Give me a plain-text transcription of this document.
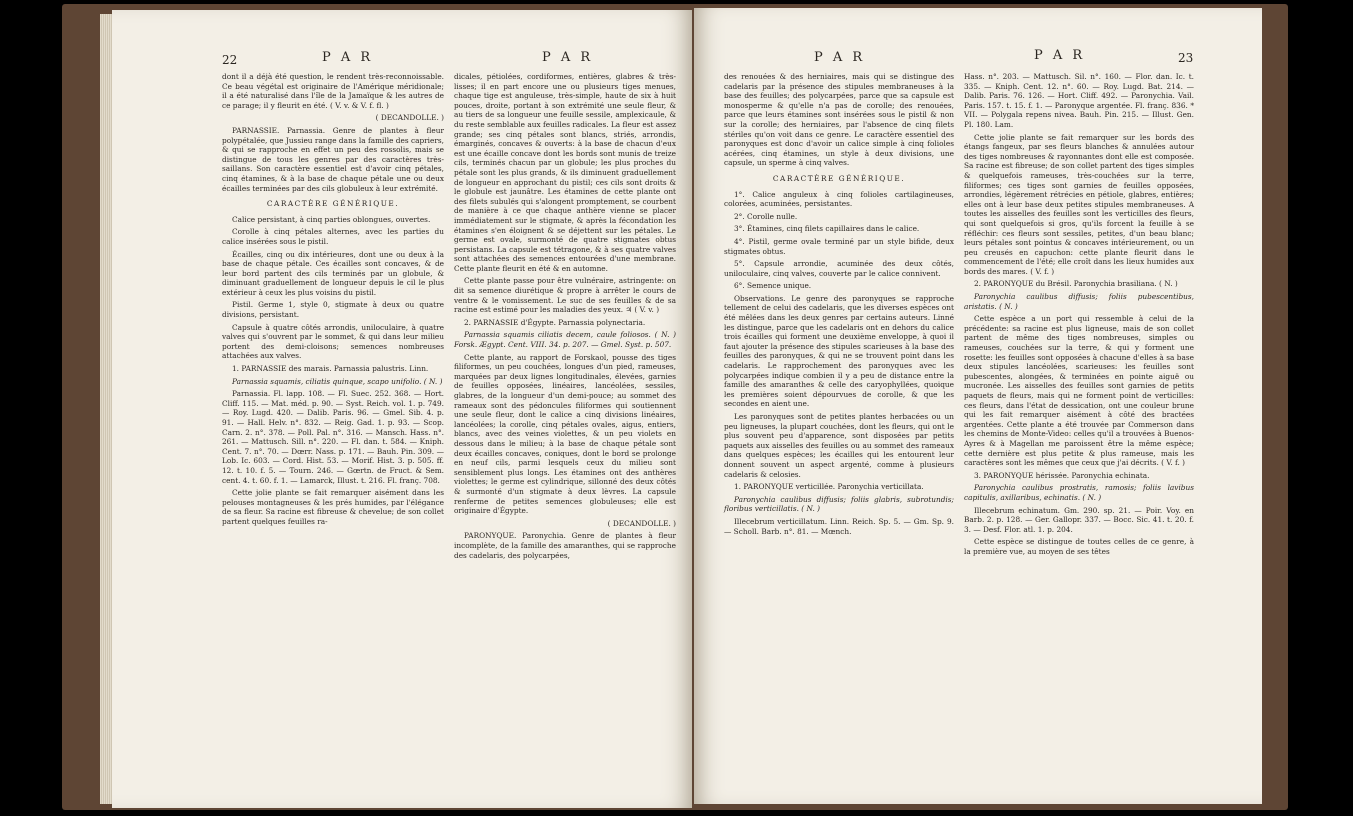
22	P A R	P A R

dont il a déjà été question, le rendent très-reconnoissable. Ce beau végétal est originaire de l'Amérique méridionale; il a été naturalisé dans l'île de la Jamaïque & les autres de ce parage; il y fleurit en été. ( V. v. & V. f. fl. )

( DECANDOLLE. )

PARNASSIE. Parnassia. Genre de plantes à fleur polypétalée, que Jussieu range dans la famille des capriers, & qui se rapproche en effet un peu des rossolis, mais se distingue de tous les genres par des caractères très-saillans. Son caractère essentiel est d'avoir cinq pétales, cinq étamines, & à la base de chaque pétale une ou deux écailles terminées par des cils globuleux à leur extrémité.

CARACTÈRE GÉNÉRIQUE.

Calice persistant, à cinq parties oblongues, ouvertes.

Corolle à cinq pétales alternes, avec les parties du calice insérées sous le pistil.

Écailles, cinq ou dix intérieures, dont une ou deux à la base de chaque pétale. Ces écailles sont concaves, & de leur bord partent des cils terminés par un globule, & diminuant graduellement de longueur depuis le cil le plus extérieur à ceux les plus voisins du pistil.

Pistil. Germe 1, style 0, stigmate à deux ou quatre divisions, persistant.

Capsule à quatre côtés arrondis, uniloculaire, à quatre valves qui s'ouvrent par le sommet, & qui dans leur milieu portent des demi-cloisons; semences nombreuses attachées aux valves.

1. PARNASSIE des marais. Parnassia palustris. Linn.

Parnassia squamis, ciliatis quinque, scapo unifolio. ( N. )

Parnassia. Fl. lapp. 108. — Fl. Suec. 252. 368. — Hort. Cliff. 115. — Mat. méd. p. 90. — Syst. Reich. vol. 1. p. 749. — Roy. Lugd. 420. — Dalib. Paris. 96. — Gmel. Sib. 4. p. 91. — Hall. Helv. n°. 832. — Reig. Gad. 1. p. 93. — Scop. Carn. 2. n°. 378. — Poll. Pal. n°. 316. — Mansch. Hass. n°. 261. — Mattusch. Sill. n°. 220. — Fl. dan. t. 584. — Kniph. Cent. 7. n°. 70. — Dœrr. Nass. p. 171. — Bauh. Pin. 309. — Lob. Ic. 603. — Cord. Hist. 53. — Morif. Hist. 3. p. 505. ff. 12. t. 10. f. 5. — Tourn. 246. — Gœrtn. de Fruct. & Sem. cent. 4. t. 60. f. 1. — Lamarck, Illust. t. 216. Fl. franç. 708.

Cette jolie plante se fait remarquer aisément dans les pelouses montagneuses & les prés humides, par l'élégance de sa fleur. Sa racine est fibreuse & chevelue; de son collet partent quelques feuilles ra-

dicales, pétiolées, cordiformes, entières, glabres & très-lisses; il en part encore une ou plusieurs tiges menues, chaque tige est anguleuse, très-simple, haute de six à huit pouces, droite, portant à son extrémité une seule fleur, & au tiers de sa longueur une feuille sessile, amplexicaule, & du reste semblable aux feuilles radicales. La fleur est assez grande; ses cinq pétales sont blancs, striés, arrondis, émarginés, concaves & ouverts: à la base de chacun d'eux est une écaille concave dont les bords sont munis de treize cils, terminés chacun par un globule; les plus proches du pétale sont les plus grands, & ils diminuent graduellement de longueur en approchant du pistil; ces cils sont droits & le globule est jaunâtre. Les étamines de cette plante ont des filets subulés qui s'alongent promptement, se courbent de manière à ce que chaque anthère vienne se placer immédiatement sur le stigmate, & après la fécondation les étamines s'en éloignent & se déjettent sur les pétales. Le germe est ovale, surmonté de quatre stigmates obtus persistans. La capsule est tétragone, & à ses quatre valves sont attachées des semences entourées d'une membrane. Cette plante fleurit en été & en automne.

Cette plante passe pour être vulnéraire, astringente: on dit sa semence diurétique & propre à arrêter le cours de ventre & le vomissement. Le suc de ses feuilles & de sa racine est estimé pour les maladies des yeux. ♃ ( V. v. )

2. PARNASSIE d'Égypte. Parnassia polynectaria.

Parnassia squamis ciliatis decem, caule foliosos. ( N. ) Forsk. Ægypt. Cent. VIII. 34. p. 207. — Gmel. Syst. p. 507.

Cette plante, au rapport de Forskaol, pousse des tiges filiformes, un peu couchées, longues d'un pied, rameuses, marquées par deux lignes longitudinales, élevées, garnies de feuilles opposées, linéaires, lancéolées, sessiles, glabres, de la longueur d'un demi-pouce; au sommet des rameaux sont des pédoncules filiformes qui soutiennent une seule fleur, dont le calice a cinq divisions linéaires, lancéolées; la corolle, cinq pétales ovales, aigus, entiers, blancs, avec des veines violettes, & un peu violets en dessous dans le milieu; à la base de chaque pétale sont deux écailles concaves, coniques, dont le bord se prolonge en neuf cils, parmi lesquels ceux du milieu sont sensiblement plus longs. Les étamines ont des anthères violettes; le germe est cylindrique, sillonné des deux côtés & surmonté d'un stigmate à deux lèvres. La capsule renferme de petites semences globuleuses; elle est originaire d'Égypte.

( DECANDOLLE. )

PARONYQUE. Paronychia. Genre de plantes à fleur incomplète, de la famille des amaranthes, qui se rapproche des cadelaris, des polycarpées,

P A R	P A R	23

des renouées & des herniaires, mais qui se distingue des cadelaris par la présence des stipules membraneuses à la base des feuilles; des polycarpées, parce que sa capsule est monosperme & qu'elle n'a pas de corolle; des renouées, parce que leurs étamines sont insérées sous le pistil & non sur la corolle; des herniaires, par l'absence de cinq filets stériles qu'on voit dans ce genre. Le caractère essentiel des paronyques est donc d'avoir un calice simple à cinq folioles acérées, cinq étamines, un style à deux divisions, une capsule, un sperme à cinq valves.

CARACTÈRE GÉNÉRIQUE.

1°. Calice anguleux à cinq folioles cartilagineuses, colorées, acuminées, persistantes.

2°. Corolle nulle.

3°. Étamines, cinq filets capillaires dans le calice.

4°. Pistil, germe ovale terminé par un style bifide, deux stigmates obtus.

5°. Capsule arrondie, acuminée des deux côtés, uniloculaire, cinq valves, couverte par le calice connivent.

6°. Semence unique.

Observations. Le genre des paronyques se rapproche tellement de celui des cadelaris, que les diverses espèces ont été mêlées dans les deux genres par certains auteurs. Linné les distingue, parce que les cadelaris ont en dehors du calice trois écailles qui forment une deuxième enveloppe, à quoi il faut ajouter la présence des stipules scarieuses à la base des feuilles des paronyques, & qui ne se trouvent point dans les cadelaris. Le rapprochement des paronyques avec les polycarpées indique combien il y a peu de distance entre la famille des amaranthes & celle des caryophyllées, quoique les premières soient dépourvues de corolle, & que les secondes en aient une.

Les paronyques sont de petites plantes herbacées ou un peu ligneuses, la plupart couchées, dont les fleurs, qui ont le plus souvent peu d'apparence, sont disposées par petits paquets aux aisselles des feuilles ou au sommet des rameaux dans quelques espèces; les écailles qui les entourent leur donnent souvent un aspect argenté, comme à plusieurs cadelaris & celosies.

1. PARONYQUE verticillée. Paronychia verticillata.

Paronychia caulibus diffusis; foliis glabris, subrotundis; floribus verticillatis. ( N. )

Illecebrum verticillatum. Linn. Reich. Sp. 5. — Gm. Sp. 9. — Scholl. Barb. n°. 81. — Mœnch.

Hass. n°. 203. — Mattusch. Sil. n°. 160. — Flor. dan. Ic. t. 335. — Kniph. Cent. 12. n°. 60. — Roy. Lugd. Bat. 214. — Dalib. Paris. 76. 126. — Hort. Cliff. 492. — Paronychia. Vail. Paris. 157. t. 15. f. 1. — Paronyque argentée. Fl. franç. 836. * VII. — Polygala repens nivea. Bauh. Pin. 215. — Illust. Gen. Pl. 180. Lam.

Cette jolie plante se fait remarquer sur les bords des étangs fangeux, par ses fleurs blanches & annulées autour des tiges nombreuses & rayonnantes dont elle est composée. Sa racine est fibreuse; de son collet partent des tiges simples & quelquefois rameuses, très-couchées sur la terre, filiformes; ces tiges sont garnies de feuilles opposées, arrondies, légèrement rétrécies en pétiole, glabres, entières; elles ont à leur base deux petites stipules membraneuses. A toutes les aisselles des feuilles sont les verticilles des fleurs, qui sont quelquefois si gros, qu'ils forcent la feuille à se réfléchir: ces fleurs sont sessiles, petites, d'un beau blanc; leurs pétales sont pointus & concaves intérieurement, ou un peu creusés en capuchon: cette plante fleurit dans le commencement de l'été; elle croît dans les lieux humides aux bords des mares. ( V. f. )

2. PARONYQUE du Brésil. Paronychia brasiliana. ( N. )

Paronychia caulibus diffusis; foliis pubescentibus, aristatis. ( N. )

Cette espèce a un port qui ressemble à celui de la précédente: sa racine est plus ligneuse, mais de son collet partent de même des tiges nombreuses, simples ou rameuses, couchées sur la terre, & qui y forment une rosette: les feuilles sont opposées à chacune d'elles à sa base deux stipules lancéolées, scarieuses: les feuilles sont pubescentes, alongées, & terminées en pointe aiguë ou mucronée. Les aisselles des feuilles sont garnies de petits paquets de fleurs, mais qui ne forment point de verticilles: ces fleurs, dans l'état de dessication, ont une couleur brune qui les fait remarquer aisément à côté des bractées argentées. Cette plante a été trouvée par Commerson dans les chemins de Monte-Video: celles qu'il a trouvées à Buenos-Ayres & à Magellan me paroissent être la même espèce; cette dernière est plus petite & plus rameuse, mais les caractères sont les mêmes que ceux que j'ai décrits. ( V. f. )

3. PARONYQUE hérissée. Paronychia echinata.

Paronychia caulibus prostratis, ramosis; foliis lavibus capitulis, axillaribus, echinatis. ( N. )

Illecebrum echinatum. Gm. 290. sp. 21. — Poir. Voy. en Barb. 2. p. 128. — Ger. Gallopr. 337. — Bocc. Sic. 41. t. 20. f. 3. — Desf. Flor. atl. 1. p. 204.

Cette espèce se distingue de toutes celles de ce genre, à la première vue, au moyen de ses têtes
